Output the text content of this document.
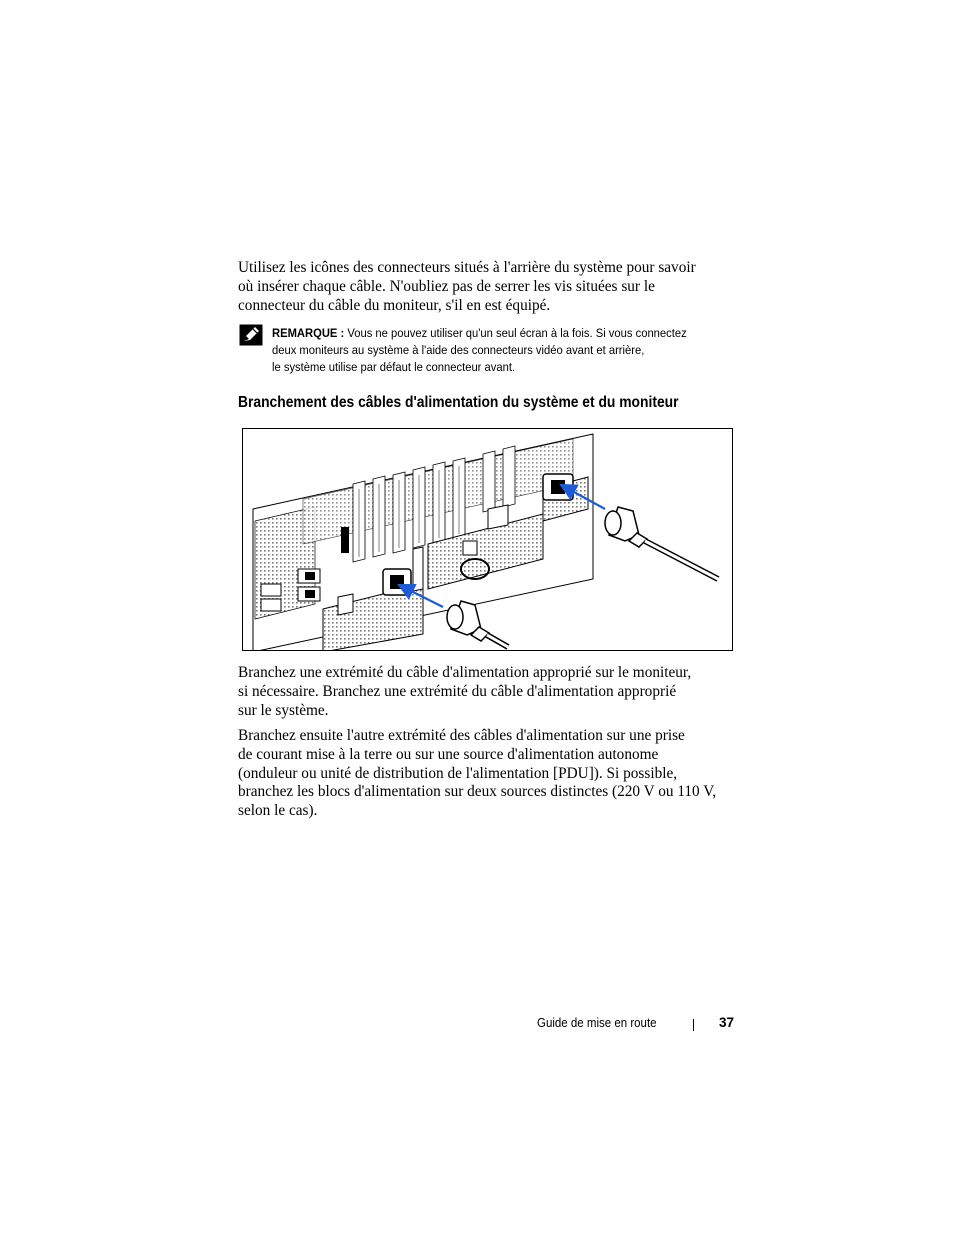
Utilisez les icônes des connecteurs situés à l'arrière du système pour savoir
où insérer chaque câble. N'oubliez pas de serrer les vis situées sur le
connecteur du câble du moniteur, s'il en est équipé.

REMARQUE : Vous ne pouvez utiliser qu'un seul écran à la fois. Si vous connectez
deux moniteurs au système à l'aide des connecteurs vidéo avant et arrière,
le système utilise par défaut le connecteur avant.
Branchement des câbles d'alimentation du système et du moniteur

Branchez une extrémité du câble d'alimentation approprié sur le moniteur,
si nécessaire. Branchez une extrémité du câble d'alimentation approprié
sur le système.

Branchez ensuite l'autre extrémité des câbles d'alimentation sur une prise
de courant mise à la terre ou sur une source d'alimentation autonome
(onduleur ou unité de distribution de l'alimentation [PDU]). Si possible,
branchez les blocs d'alimentation sur deux sources distinctes (220 V ou 110 V,
selon le cas).

Guide de mise en route	37
